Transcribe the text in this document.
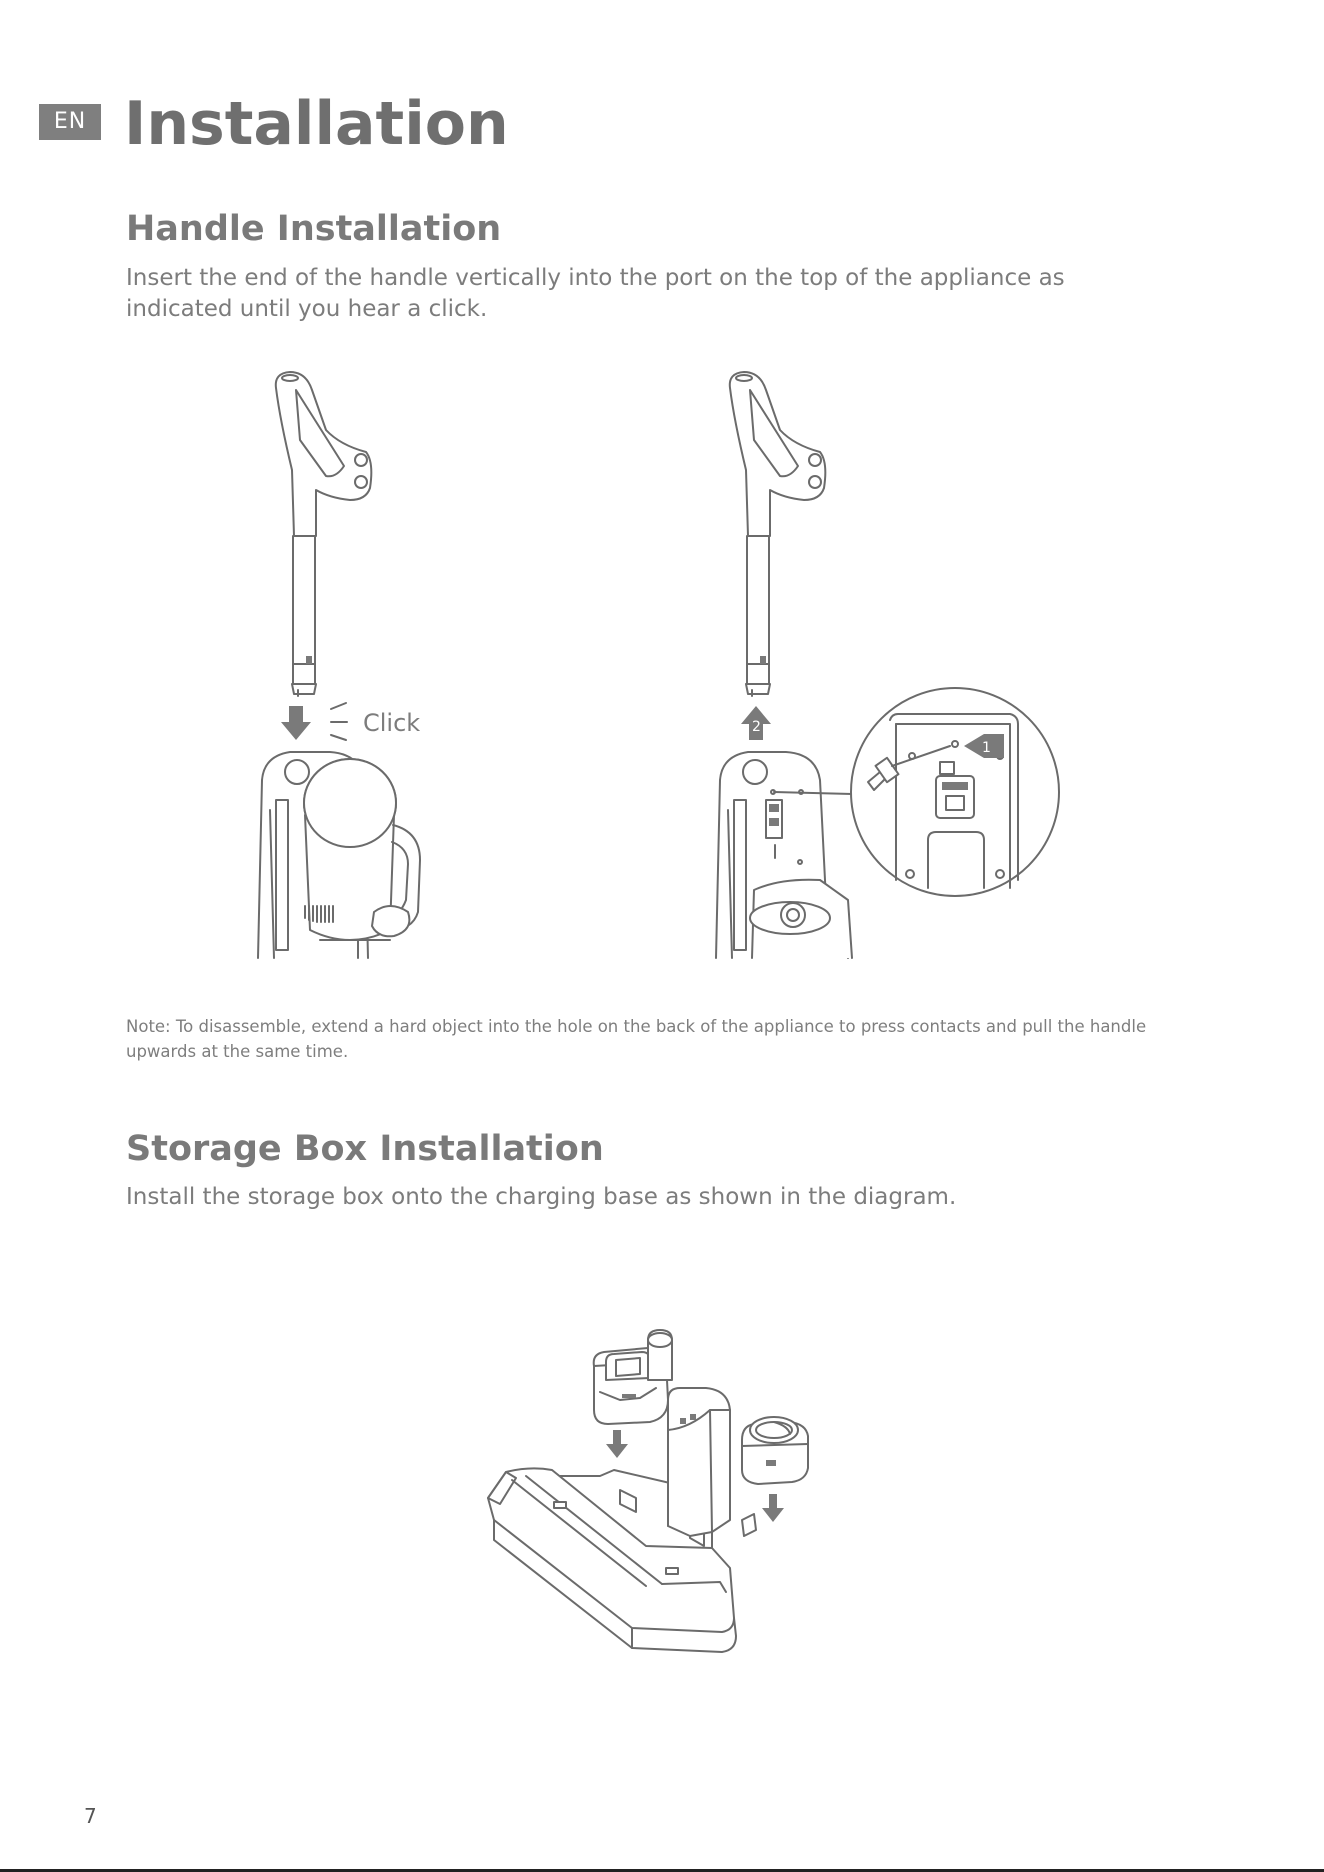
EN Installation
Handle Installation

Insert the end of the handle vertically into the port on the top of the appliance as indicated until you hear a click.

Click	2
1

Note: To disassemble, extend a hard object into the hole on the back of the appliance to press contacts and pull the handle upwards at the same time.

Storage Box Installation

Install the storage box onto the charging base as shown in the diagram.

7
